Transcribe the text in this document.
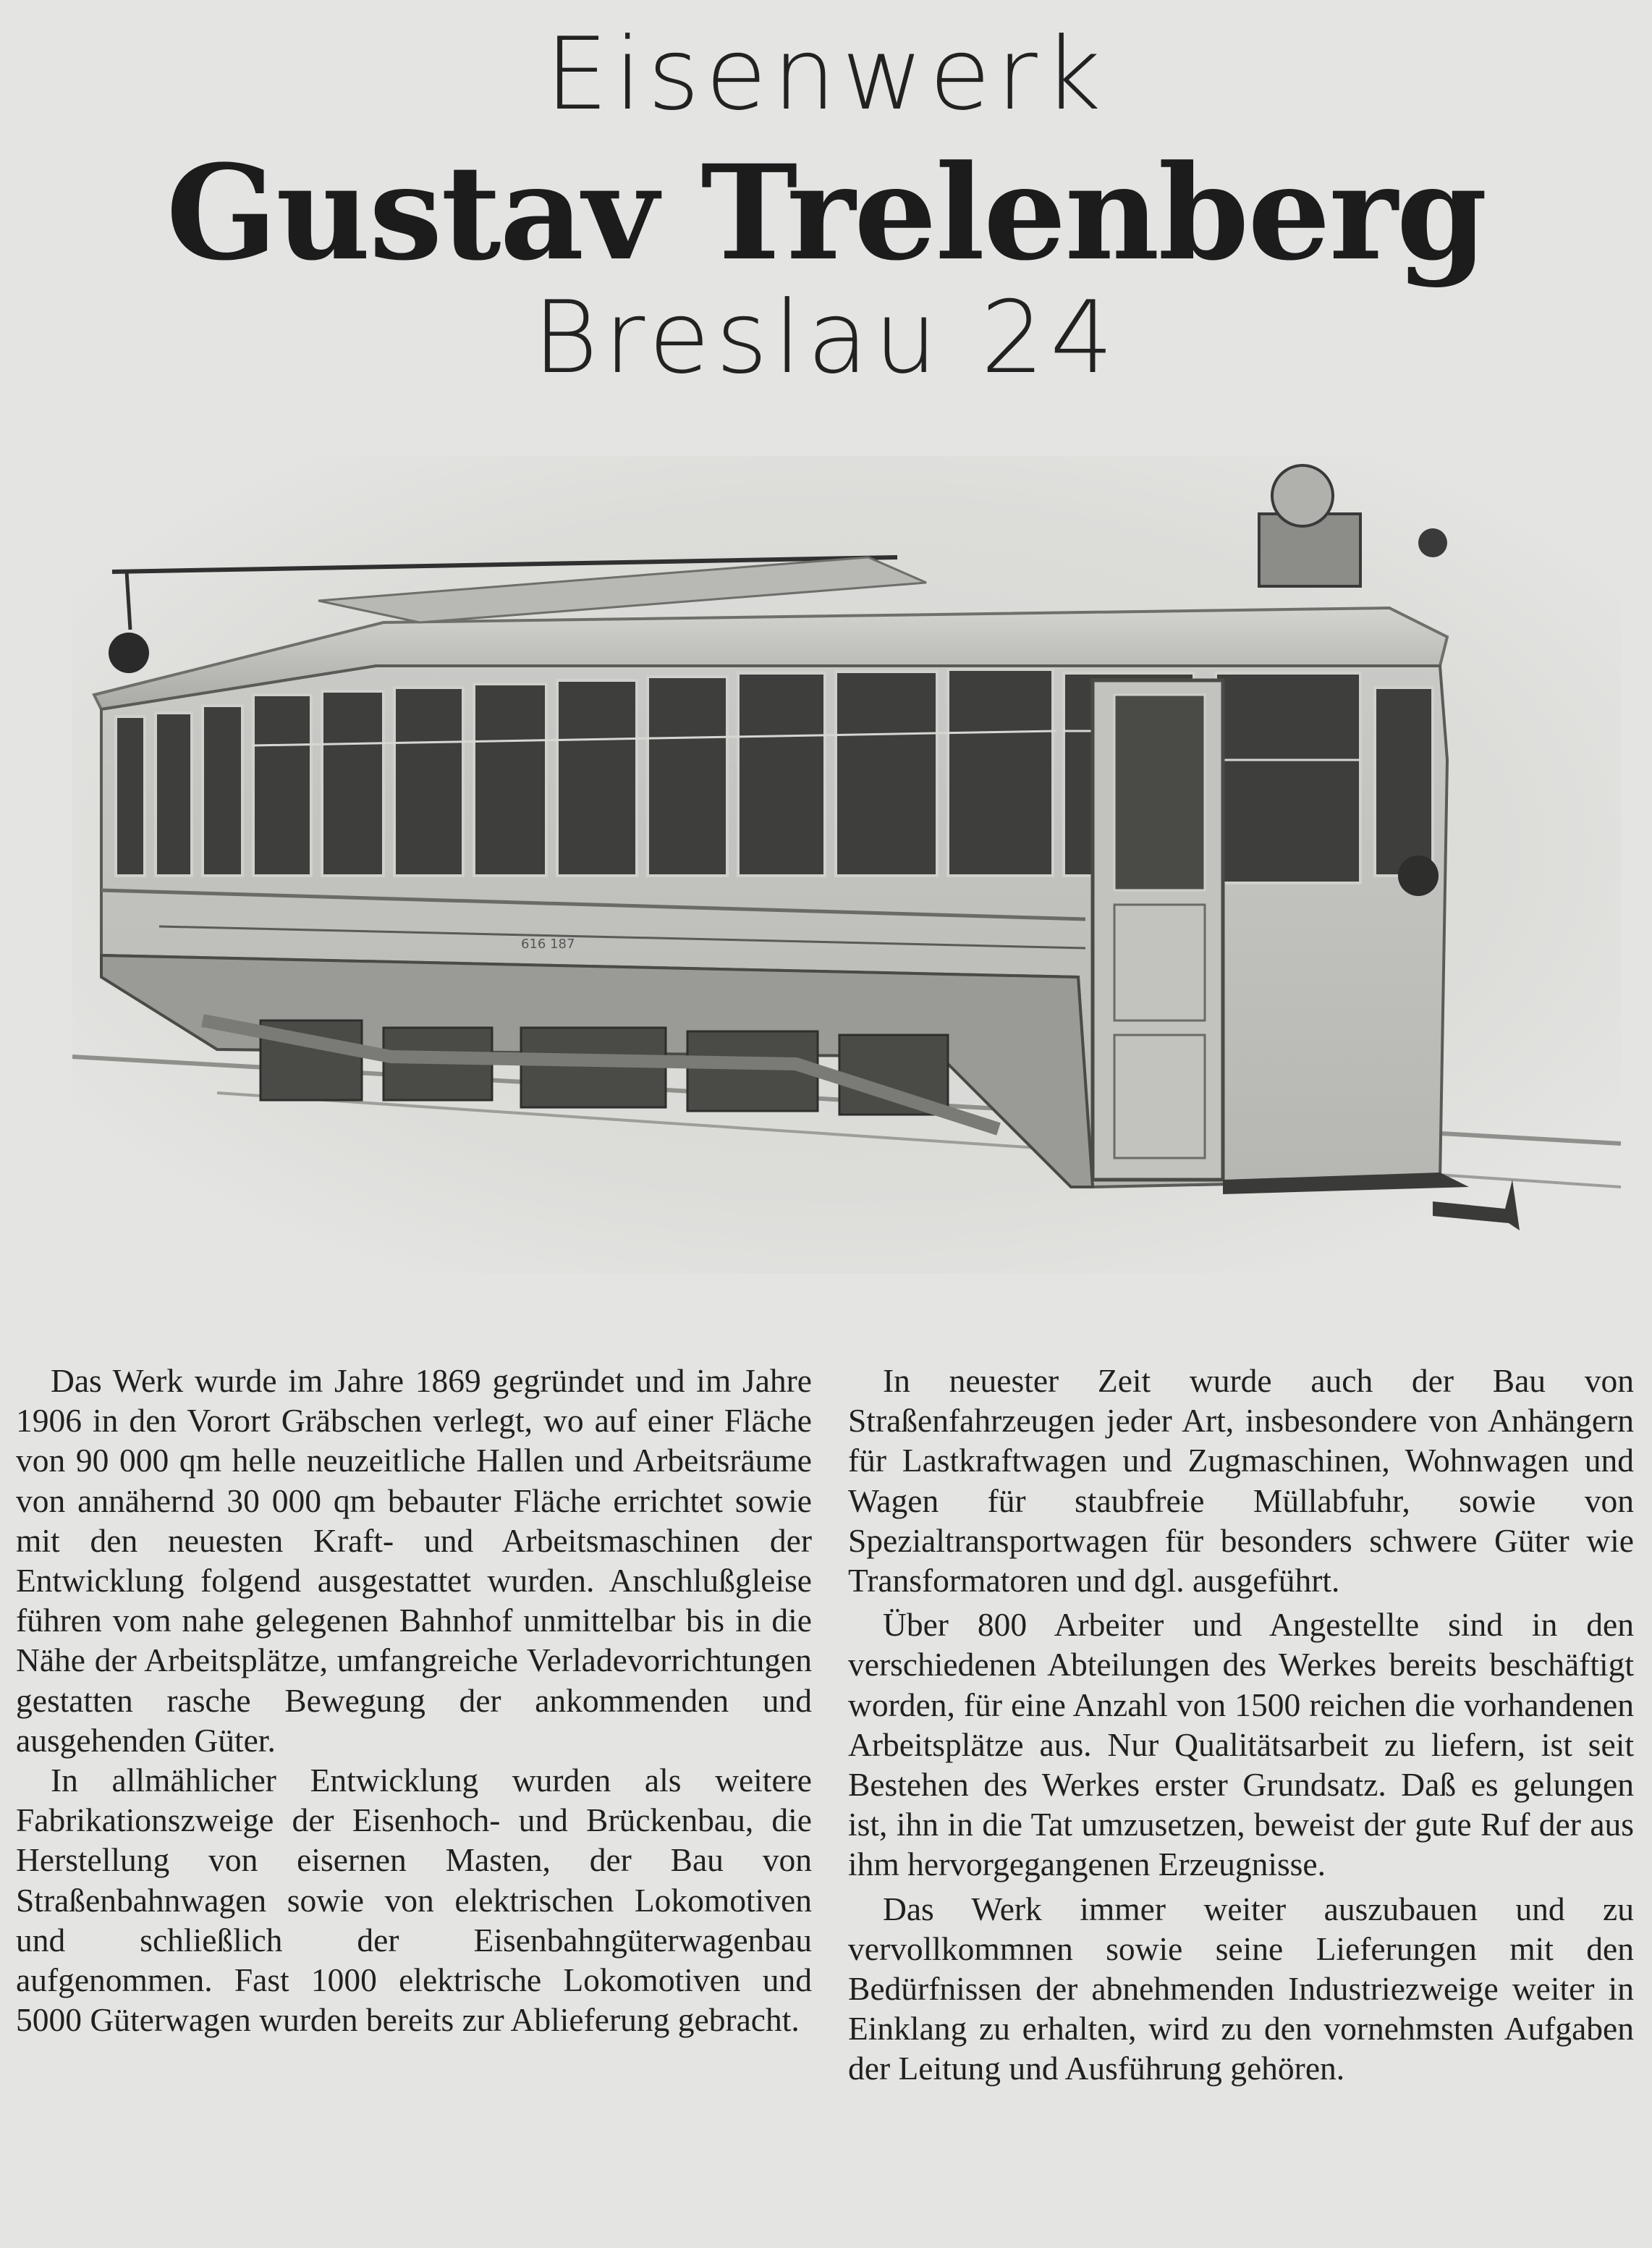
Eisenwerk
Gustav Trelenberg
Breslau 24
616 187

Das Werk wurde im Jahre 1869 gegründet und im Jahre 1906 in den Vorort Gräbschen verlegt, wo auf einer Fläche von 90 000 qm helle neuzeitliche Hallen und Arbeitsräume von annähernd 30 000 qm bebauter Fläche errichtet sowie mit den neuesten Kraft- und Arbeitsmaschinen der Entwicklung folgend ausgestattet wurden. Anschlußgleise führen vom nahe gelegenen Bahnhof unmittelbar bis in die Nähe der Arbeitsplätze, umfangreiche Verladevorrichtungen gestatten rasche Bewegung der ankommenden und ausgehenden Güter.

In allmählicher Entwicklung wurden als weitere Fabrikationszweige der Eisenhoch- und Brückenbau, die Herstellung von eisernen Masten, der Bau von Straßenbahnwagen sowie von elektrischen Lokomotiven und schließlich der Eisenbahngüterwagenbau aufgenommen. Fast 1000 elektrische Lokomotiven und 5000 Güterwagen wurden bereits zur Ablieferung gebracht.

In neuester Zeit wurde auch der Bau von Straßenfahrzeugen jeder Art, insbesondere von Anhängern für Lastkraftwagen und Zugmaschinen, Wohnwagen und Wagen für staubfreie Müllabfuhr, sowie von Spezialtransportwagen für besonders schwere Güter wie Transformatoren und dgl. ausgeführt.

Über 800 Arbeiter und Angestellte sind in den verschiedenen Abteilungen des Werkes bereits beschäftigt worden, für eine Anzahl von 1500 reichen die vorhandenen Arbeitsplätze aus. Nur Qualitätsarbeit zu liefern, ist seit Bestehen des Werkes erster Grundsatz. Daß es gelungen ist, ihn in die Tat umzusetzen, beweist der gute Ruf der aus ihm hervorgegangenen Erzeugnisse.

Das Werk immer weiter auszubauen und zu vervollkommnen sowie seine Lieferungen mit den Bedürfnissen der abnehmenden Industriezweige weiter in Einklang zu erhalten, wird zu den vornehmsten Aufgaben der Leitung und Ausführung gehören.
